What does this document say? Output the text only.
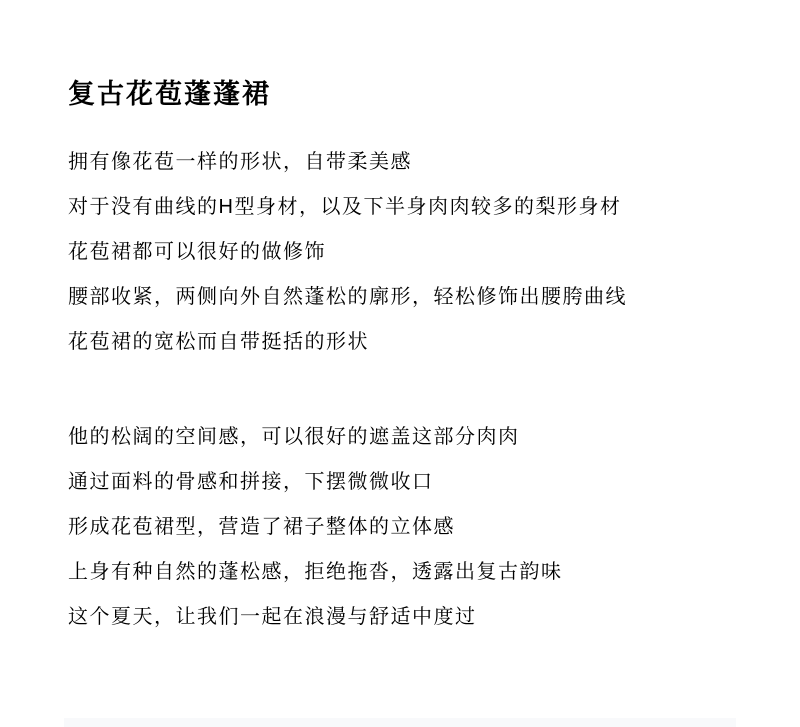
复古花苞蓬蓬裙

拥有像花苞一样的形状，自带柔美感

对于没有曲线的H型身材，以及下半身肉肉较多的梨形身材

花苞裙都可以很好的做修饰

腰部收紧，两侧向外自然蓬松的廓形，轻松修饰出腰胯曲线

花苞裙的宽松而自带挺括的形状

他的松阔的空间感，可以很好的遮盖这部分肉肉

通过面料的骨感和拼接，下摆微微收口

形成花苞裙型，营造了裙子整体的立体感

上身有种自然的蓬松感，拒绝拖沓，透露出复古韵味

这个夏天，让我们一起在浪漫与舒适中度过
